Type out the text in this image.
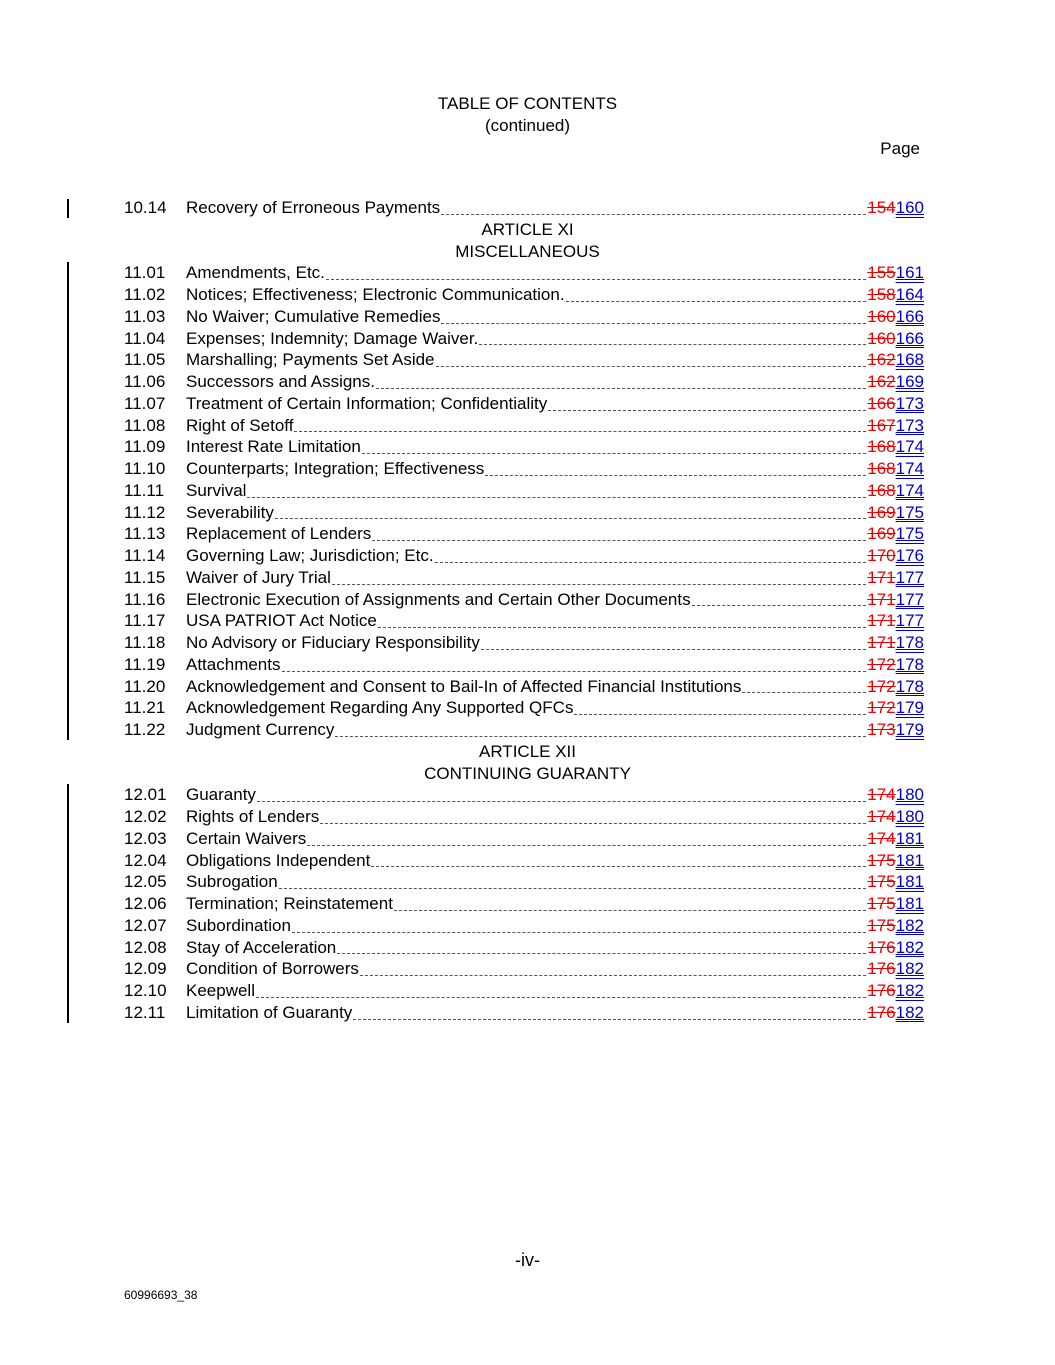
TABLE OF CONTENTS
(continued)
Page
10.14	Recovery of Erroneous Payments	154 160
ARTICLE XI
MISCELLANEOUS
11.01	Amendments, Etc.	155 161
11.02	Notices; Effectiveness; Electronic Communication.	158 164
11.03	No Waiver; Cumulative Remedies	160 166
11.04	Expenses; Indemnity; Damage Waiver.	160 166
11.05	Marshalling; Payments Set Aside	162 168
11.06	Successors and Assigns.	162 169
11.07	Treatment of Certain Information; Confidentiality	166 173
11.08	Right of Setoff	167 173
11.09	Interest Rate Limitation	168 174
11.10	Counterparts; Integration; Effectiveness	168 174
11.11	Survival	168 174
11.12	Severability	169 175
11.13	Replacement of Lenders	169 175
11.14	Governing Law; Jurisdiction; Etc.	170 176
11.15	Waiver of Jury Trial	171 177
11.16	Electronic Execution of Assignments and Certain Other Documents	171 177
11.17	USA PATRIOT Act Notice	171 177
11.18	No Advisory or Fiduciary Responsibility	171 178
11.19	Attachments	172 178
11.20	Acknowledgement and Consent to Bail-In of Affected Financial Institutions	172 178
11.21	Acknowledgement Regarding Any Supported QFCs	172 179
11.22	Judgment Currency	173 179
ARTICLE XII
CONTINUING GUARANTY
12.01	Guaranty	174 180
12.02	Rights of Lenders	174 180
12.03	Certain Waivers	174 181
12.04	Obligations Independent	175 181
12.05	Subrogation	175 181
12.06	Termination; Reinstatement	175 181
12.07	Subordination	175 182
12.08	Stay of Acceleration	176 182
12.09	Condition of Borrowers	176 182
12.10	Keepwell	176 182
12.11	Limitation of Guaranty	176 182
-iv-
60996693_38
